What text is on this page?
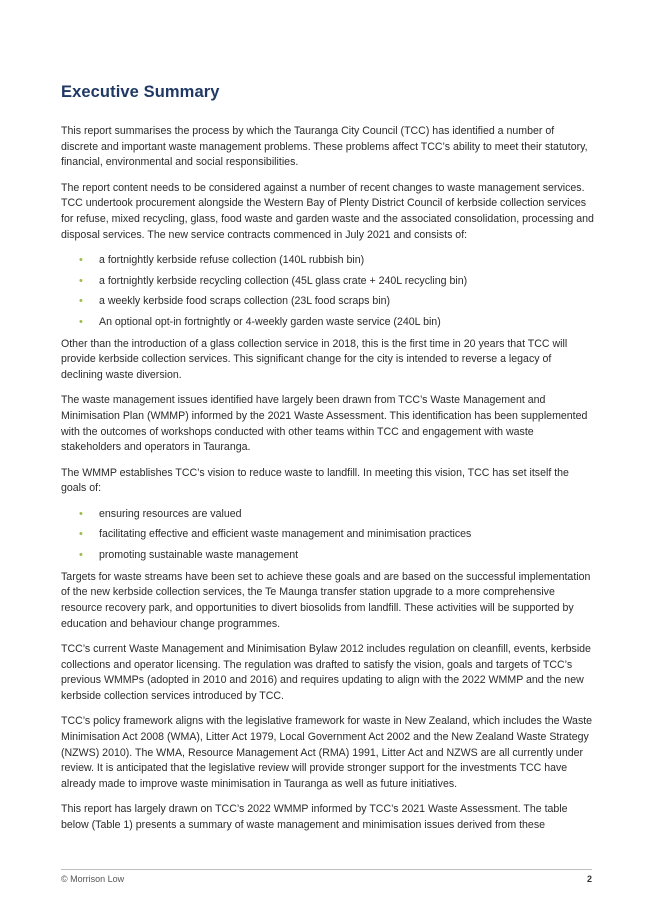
Executive Summary

This report summarises the process by which the Tauranga City Council (TCC) has identified a number of discrete and important waste management problems. These problems affect TCC’s ability to meet their statutory, financial, environmental and social responsibilities.

The report content needs to be considered against a number of recent changes to waste management services. TCC undertook procurement alongside the Western Bay of Plenty District Council of kerbside collection services for refuse, mixed recycling, glass, food waste and garden waste and the associated consolidation, processing and disposal services. The new service contracts commenced in July 2021 and consists of:

• a fortnightly kerbside refuse collection (140L rubbish bin)
• a fortnightly kerbside recycling collection (45L glass crate + 240L recycling bin)
• a weekly kerbside food scraps collection (23L food scraps bin)
• An optional opt-in fortnightly or 4-weekly garden waste service (240L bin)

Other than the introduction of a glass collection service in 2018, this is the first time in 20 years that TCC will provide kerbside collection services. This significant change for the city is intended to reverse a legacy of declining waste diversion.

The waste management issues identified have largely been drawn from TCC’s Waste Management and Minimisation Plan (WMMP) informed by the 2021 Waste Assessment. This identification has been supplemented with the outcomes of workshops conducted with other teams within TCC and engagement with waste stakeholders and operators in Tauranga.

The WMMP establishes TCC’s vision to reduce waste to landfill. In meeting this vision, TCC has set itself the goals of:

• ensuring resources are valued
• facilitating effective and efficient waste management and minimisation practices
• promoting sustainable waste management

Targets for waste streams have been set to achieve these goals and are based on the successful implementation of the new kerbside collection services, the Te Maunga transfer station upgrade to a more comprehensive resource recovery park, and opportunities to divert biosolids from landfill. These activities will be supported by education and behaviour change programmes.

TCC’s current Waste Management and Minimisation Bylaw 2012 includes regulation on cleanfill, events, kerbside collections and operator licensing. The regulation was drafted to satisfy the vision, goals and targets of TCC’s previous WMMPs (adopted in 2010 and 2016) and requires updating to align with the 2022 WMMP and the new kerbside collection services introduced by TCC.

TCC’s policy framework aligns with the legislative framework for waste in New Zealand, which includes the Waste Minimisation Act 2008 (WMA), Litter Act 1979, Local Government Act 2002 and the New Zealand Waste Strategy (NZWS) 2010). The WMA, Resource Management Act (RMA) 1991, Litter Act and NZWS are all currently under review. It is anticipated that the legislative review will provide stronger support for the investments TCC have already made to improve waste minimisation in Tauranga as well as future initiatives.

This report has largely drawn on TCC’s 2022 WMMP informed by TCC’s 2021 Waste Assessment. The table below (Table 1) presents a summary of waste management and minimisation issues derived from these

© Morrison Low	2
